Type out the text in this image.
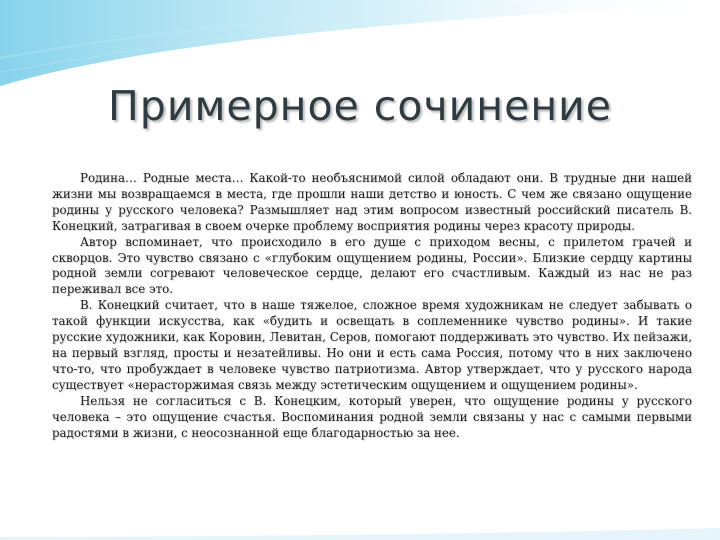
Примерное сочинение

Родина… Родные места… Какой-то необъяснимой силой обладают они. В трудные дни нашей жизни мы возвращаемся в места, где прошли наши детство и юность. С чем же связано ощущение родины у русского человека? Размышляет над этим вопросом известный российский писатель В. Конецкий, затрагивая в своем очерке проблему восприятия родины через красоту природы.

Автор вспоминает, что происходило в его душе с приходом весны, с прилетом грачей и скворцов. Это чувство связано с «глубоким ощущением родины, России». Близкие сердцу картины родной земли согревают человеческое сердце, делают его счастливым. Каждый из нас не раз переживал все это.

В. Конецкий считает, что в наше тяжелое, сложное время художникам не следует забывать о такой функции искусства, как «будить и освещать в соплеменнике чувство родины». И такие русские художники, как Коровин, Левитан, Серов, помогают поддерживать это чувство. Их пейзажи, на первый взгляд, просты и незатейливы. Но они и есть сама Россия, потому что в них заключено что-то, что пробуждает в человеке чувство патриотизма. Автор утверждает, что у русского народа существует «нерасторжимая связь между эстетическим ощущением и ощущением родины».

Нельзя не согласиться с В. Конецким, который уверен, что ощущение родины у русского человека – это ощущение счастья. Воспоминания родной земли связаны у нас с самыми первыми радостями в жизни, с неосознанной еще благодарностью за нее.
